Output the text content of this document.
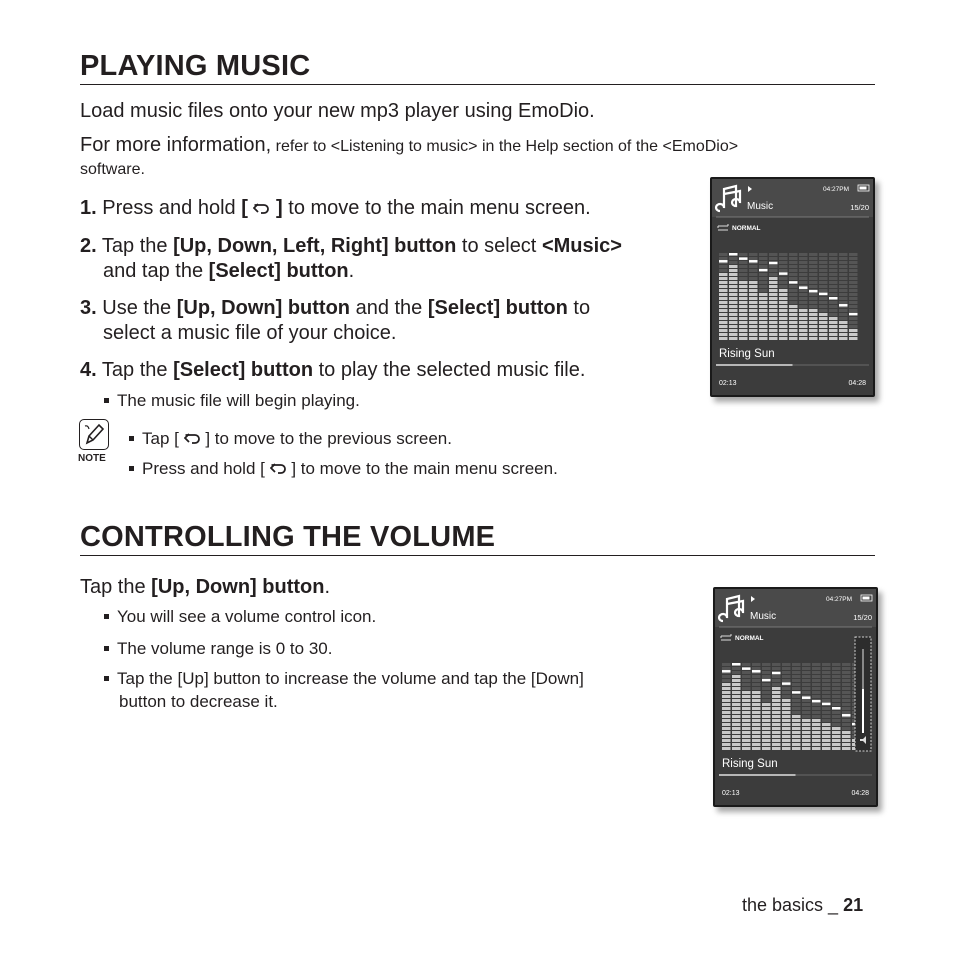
PLAYING MUSIC
Load music files onto your new mp3 player using EmoDio.
For more information, refer to <Listening to music> in the Help section of the <EmoDio>
software.
1. Press and hold [ ] to move to the main menu screen.
2. Tap the [Up, Down, Left, Right] button to select <Music>
and tap the [Select] button.
3. Use the [Up, Down] button and the [Select] button to
select a music file of your choice.
4. Tap the [Select] button to play the selected music file.
The music file will begin playing.
NOTE
Tap [ ] to move to the previous screen.
Press and hold [ ] to move to the main menu screen.
04:27PM
Music	15/20
NORMAL
Rising Sun
02:13	04:28
CONTROLLING THE VOLUME
Tap the [Up, Down] button.
You will see a volume control icon.
The volume range is 0 to 30.
Tap the [Up] button to increase the volume and tap the [Down]
button to decrease it.
04:27PM
Music	15/20
NORMAL
Rising Sun
02:13	04:28
the basics _ 21
